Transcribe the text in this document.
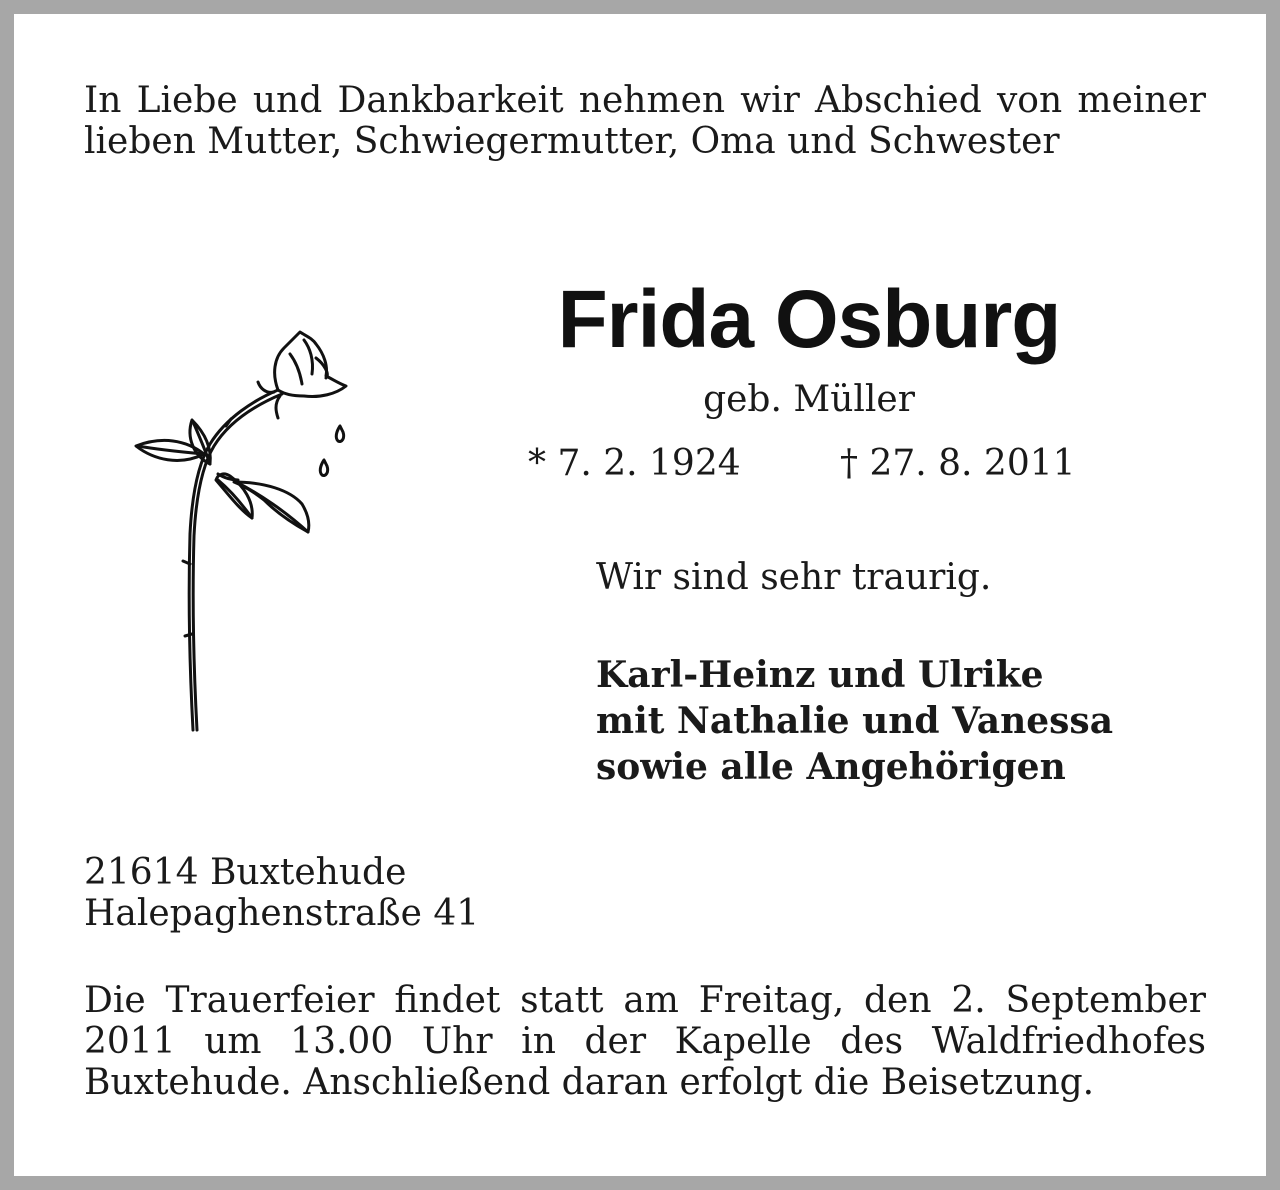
In Liebe und Dankbarkeit nehmen wir Abschied von meiner lieben Mutter, Schwiegermutter, Oma und Schwester

Frida Osburg

geb. Müller

* 7. 2. 1924	† 27. 8. 2011

Wir sind sehr traurig.

Karl-Heinz und Ulrike
mit Nathalie und Vanessa
sowie alle Angehörigen

21614 Buxtehude
Halepaghenstraße 41

Die Trauerfeier findet statt am Freitag, den 2. September 2011 um 13.00 Uhr in der Kapelle des Waldfriedhofes Buxtehude. Anschließend daran erfolgt die Beisetzung.
